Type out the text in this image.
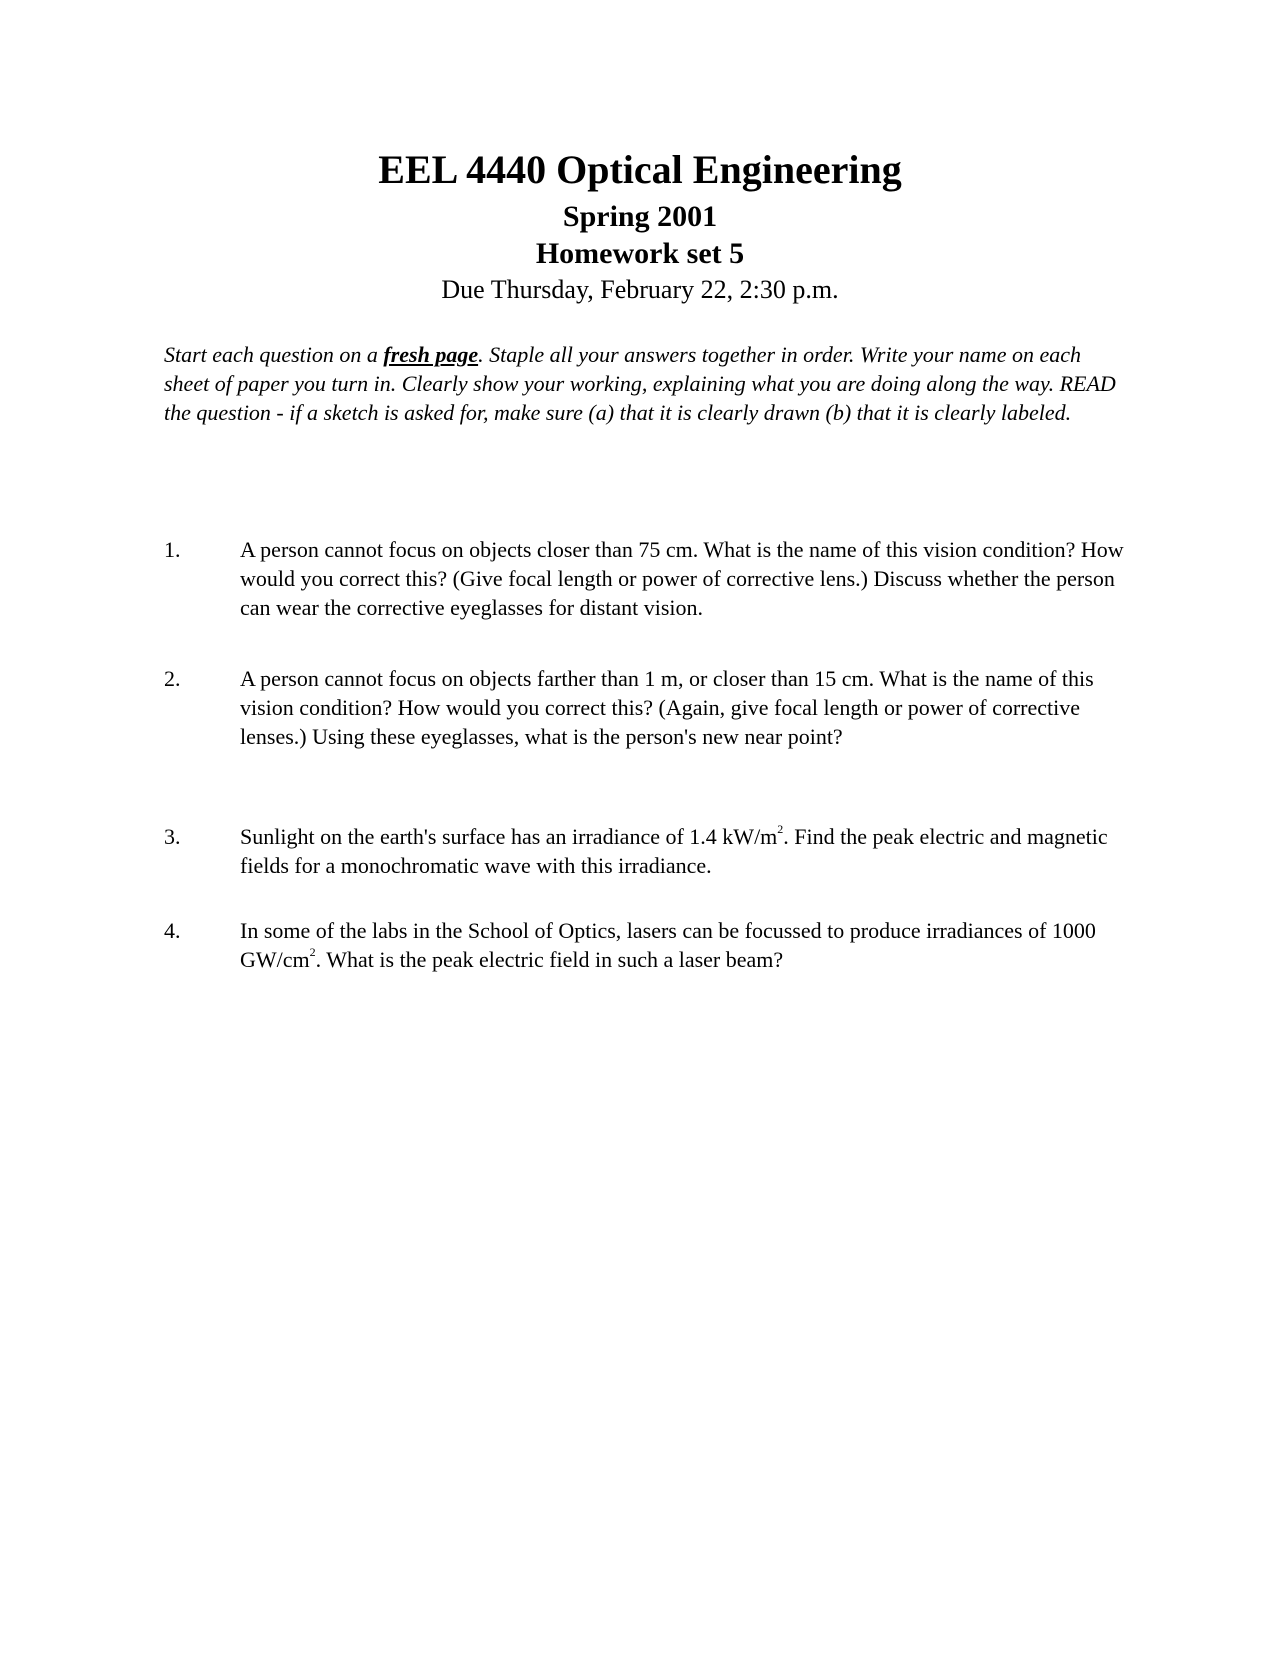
EEL 4440 Optical Engineering
Spring 2001
Homework set 5
Due Thursday, February 22, 2:30 p.m.
Start each question on a fresh page. Staple all your answers together in order. Write your name on each sheet of paper you turn in. Clearly show your working, explaining what you are doing along the way. READ the question - if a sketch is asked for, make sure (a) that it is clearly drawn (b) that it is clearly labeled.
1.	A person cannot focus on objects closer than 75 cm. What is the name of this vision condition? How would you correct this? (Give focal length or power of corrective lens.) Discuss whether the person can wear the corrective eyeglasses for distant vision.
2.	A person cannot focus on objects farther than 1 m, or closer than 15 cm. What is the name of this vision condition? How would you correct this? (Again, give focal length or power of corrective lenses.) Using these eyeglasses, what is the person's new near point?
3.	Sunlight on the earth's surface has an irradiance of 1.4 $kW/m^2$. Find the peak electric and magnetic fields for a monochromatic wave with this irradiance.
4.	In some of the labs in the School of Optics, lasers can be focussed to produce irradiances of 1000 $GW/cm^2$. What is the peak electric field in such a laser beam?
